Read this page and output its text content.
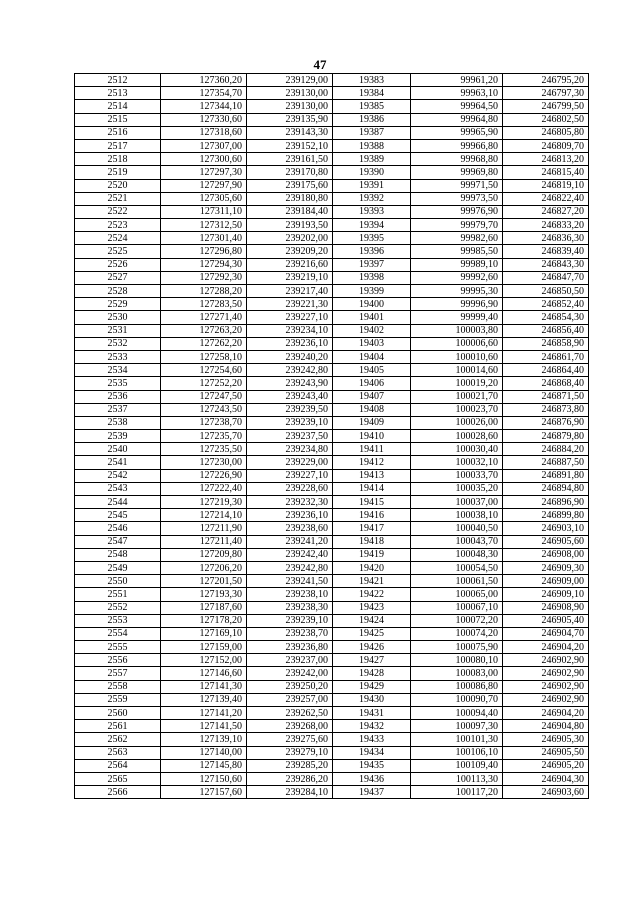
47
2512	127360,20	239129,00	19383	99961,20	246795,20
2513	127354,70	239130,00	19384	99963,10	246797,30
2514	127344,10	239130,00	19385	99964,50	246799,50
2515	127330,60	239135,90	19386	99964,80	246802,50
2516	127318,60	239143,30	19387	99965,90	246805,80
2517	127307,00	239152,10	19388	99966,80	246809,70
2518	127300,60	239161,50	19389	99968,80	246813,20
2519	127297,30	239170,80	19390	99969,80	246815,40
2520	127297,90	239175,60	19391	99971,50	246819,10
2521	127305,60	239180,80	19392	99973,50	246822,40
2522	127311,10	239184,40	19393	99976,90	246827,20
2523	127312,50	239193,50	19394	99979,70	246833,20
2524	127301,40	239202,00	19395	99982,60	246836,30
2525	127296,80	239209,20	19396	99985,50	246839,40
2526	127294,30	239216,60	19397	99989,10	246843,30
2527	127292,30	239219,10	19398	99992,60	246847,70
2528	127288,20	239217,40	19399	99995,30	246850,50
2529	127283,50	239221,30	19400	99996,90	246852,40
2530	127271,40	239227,10	19401	99999,40	246854,30
2531	127263,20	239234,10	19402	100003,80	246856,40
2532	127262,20	239236,10	19403	100006,60	246858,90
2533	127258,10	239240,20	19404	100010,60	246861,70
2534	127254,60	239242,80	19405	100014,60	246864,40
2535	127252,20	239243,90	19406	100019,20	246868,40
2536	127247,50	239243,40	19407	100021,70	246871,50
2537	127243,50	239239,50	19408	100023,70	246873,80
2538	127238,70	239239,10	19409	100026,00	246876,90
2539	127235,70	239237,50	19410	100028,60	246879,80
2540	127235,50	239234,80	19411	100030,40	246884,20
2541	127230,00	239229,00	19412	100032,10	246887,50
2542	127226,90	239227,10	19413	100033,70	246891,80
2543	127222,40	239228,60	19414	100035,20	246894,80
2544	127219,30	239232,30	19415	100037,00	246896,90
2545	127214,10	239236,10	19416	100038,10	246899,80
2546	127211,90	239238,60	19417	100040,50	246903,10
2547	127211,40	239241,20	19418	100043,70	246905,60
2548	127209,80	239242,40	19419	100048,30	246908,00
2549	127206,20	239242,80	19420	100054,50	246909,30
2550	127201,50	239241,50	19421	100061,50	246909,00
2551	127193,30	239238,10	19422	100065,00	246909,10
2552	127187,60	239238,30	19423	100067,10	246908,90
2553	127178,20	239239,10	19424	100072,20	246905,40
2554	127169,10	239238,70	19425	100074,20	246904,70
2555	127159,00	239236,80	19426	100075,90	246904,20
2556	127152,00	239237,00	19427	100080,10	246902,90
2557	127146,60	239242,00	19428	100083,00	246902,90
2558	127141,30	239250,20	19429	100086,80	246902,90
2559	127139,40	239257,00	19430	100090,70	246902,90
2560	127141,20	239262,50	19431	100094,40	246904,20
2561	127141,50	239268,00	19432	100097,30	246904,80
2562	127139,10	239275,60	19433	100101,30	246905,30
2563	127140,00	239279,10	19434	100106,10	246905,50
2564	127145,80	239285,20	19435	100109,40	246905,20
2565	127150,60	239286,20	19436	100113,30	246904,30
2566	127157,60	239284,10	19437	100117,20	246903,60
